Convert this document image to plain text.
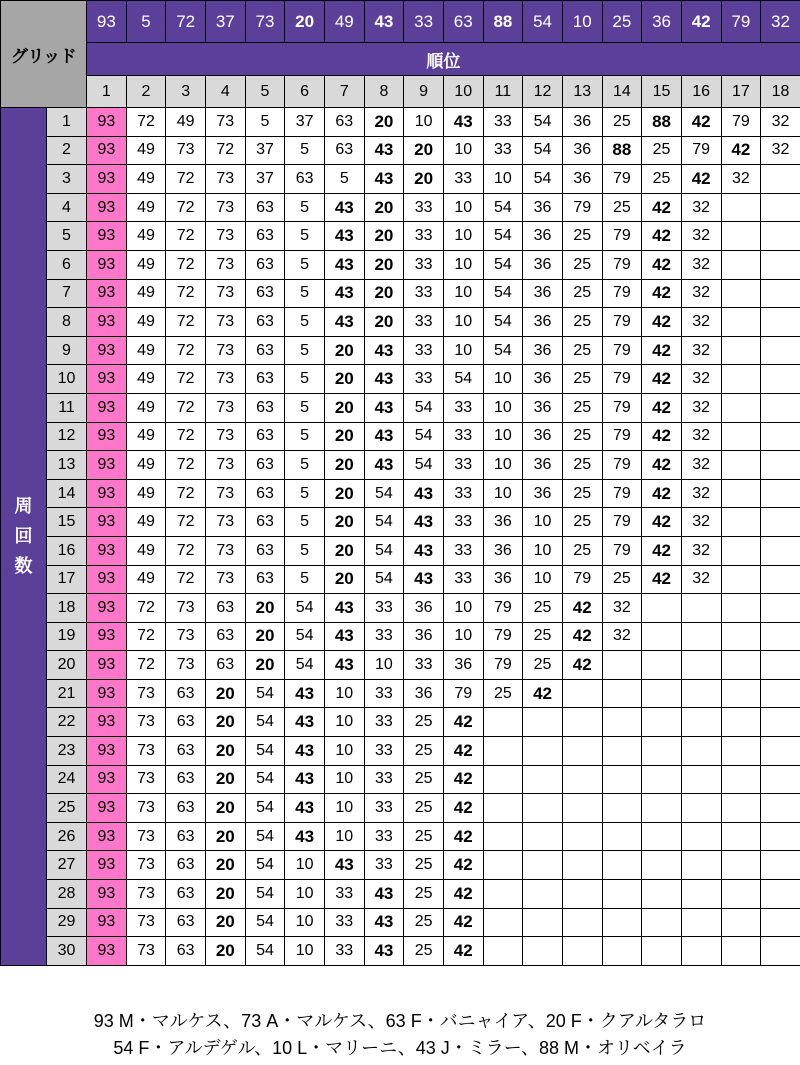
グリッド		93	5	72	37	73	20	49	43	33	63	88	54	10	25	36	42	79	32
		順位																	
		1	2	3	4	5	6	7	8	9	10	11	12	13	14	15	16	17	18

周
回
数	1	93	72	49	73	5	37	63	20	10	43	33	54	36	25	88	42	79	32
	2	93	49	73	72	37	5	63	43	20	10	33	54	36	88	25	79	42	32
	3	93	49	72	73	37	63	5	43	20	33	10	54	36	79	25	42	32	
	4	93	49	72	73	63	5	43	20	33	10	54	36	79	25	42	32		
	5	93	49	72	73	63	5	43	20	33	10	54	36	25	79	42	32		
	6	93	49	72	73	63	5	43	20	33	10	54	36	25	79	42	32		
	7	93	49	72	73	63	5	43	20	33	10	54	36	25	79	42	32		
	8	93	49	72	73	63	5	43	20	33	10	54	36	25	79	42	32		
	9	93	49	72	73	63	5	20	43	33	10	54	36	25	79	42	32		
	10	93	49	72	73	63	5	20	43	33	54	10	36	25	79	42	32		
	11	93	49	72	73	63	5	20	43	54	33	10	36	25	79	42	32		
	12	93	49	72	73	63	5	20	43	54	33	10	36	25	79	42	32		
	13	93	49	72	73	63	5	20	43	54	33	10	36	25	79	42	32		
	14	93	49	72	73	63	5	20	54	43	33	10	36	25	79	42	32		
	15	93	49	72	73	63	5	20	54	43	33	36	10	25	79	42	32		
	16	93	49	72	73	63	5	20	54	43	33	36	10	25	79	42	32		
	17	93	49	72	73	63	5	20	54	43	33	36	10	79	25	42	32		
	18	93	72	73	63	20	54	43	33	36	10	79	25	42	32				
	19	93	72	73	63	20	54	43	33	36	10	79	25	42	32				
	20	93	72	73	63	20	54	43	10	33	36	79	25	42					
	21	93	73	63	20	54	43	10	33	36	79	25	42						
	22	93	73	63	20	54	43	10	33	25	42								
	23	93	73	63	20	54	43	10	33	25	42								
	24	93	73	63	20	54	43	10	33	25	42								
	25	93	73	63	20	54	43	10	33	25	42								
	26	93	73	63	20	54	43	10	33	25	42								
	27	93	73	63	20	54	10	43	33	25	42								
	28	93	73	63	20	54	10	33	43	25	42								
	29	93	73	63	20	54	10	33	43	25	42								
	30	93	73	63	20	54	10	33	43	25	42								
93 M・マルケス、73 A・マルケス、63 F・バニャイア、20 F・クアルタラロ
54 F・アルデゲル、10 L・マリーニ、43 J・ミラー、88 M・オリベイラ
